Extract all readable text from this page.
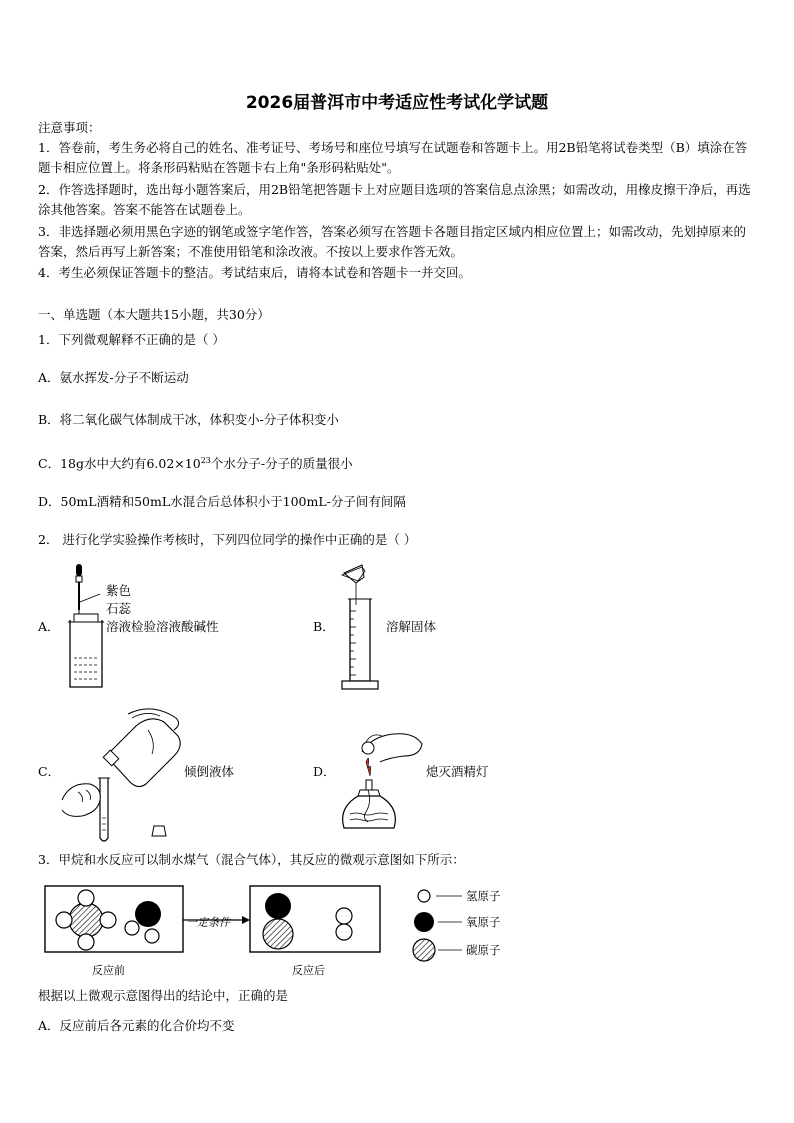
2026届普洱市中考适应性考试化学试题
注意事项：
1．答卷前，考生务必将自己的姓名、准考证号、考场号和座位号填写在试题卷和答题卡上。用2B铅笔将试卷类型（B）填涂在答题卡相应位置上。将条形码粘贴在答题卡右上角"条形码粘贴处"。
2．作答选择题时，选出每小题答案后，用2B铅笔把答题卡上对应题目选项的答案信息点涂黑；如需改动，用橡皮擦干净后，再选涂其他答案。答案不能答在试题卷上。
3．非选择题必须用黑色字迹的钢笔或签字笔作答，答案必须写在答题卡各题目指定区域内相应位置上；如需改动，先划掉原来的答案，然后再写上新答案；不准使用铅笔和涂改液。不按以上要求作答无效。
4．考生必须保证答题卡的整洁。考试结束后，请将本试卷和答题卡一并交回。
一、单选题（本大题共15小题，共30分）
1．下列微观解释不正确的是（ ）
A．氨水挥发-分子不断运动
B．将二氧化碳气体制成干冰，体积变小-分子体积变小
C．18g水中大约有$6.02\times 10^{23}$个水分子-分子的质量很小
D．50mL酒精和50mL水混合后总体积小于100mL-分子间有间隔
2． 进行化学实验操作考核时，下列四位同学的操作中正确的是（ ）
A．
紫色
石蕊
溶液检验溶液酸碱性	B．	溶解固体
C．	倾倒液体	D．	熄灭酒精灯
3．甲烷和水反应可以制水煤气（混合气体），其反应的微观示意图如下所示：
一定条件
反应前	反应后
氢原子
氧原子
碳原子
根据以上微观示意图得出的结论中，正确的是
A．反应前后各元素的化合价均不变
